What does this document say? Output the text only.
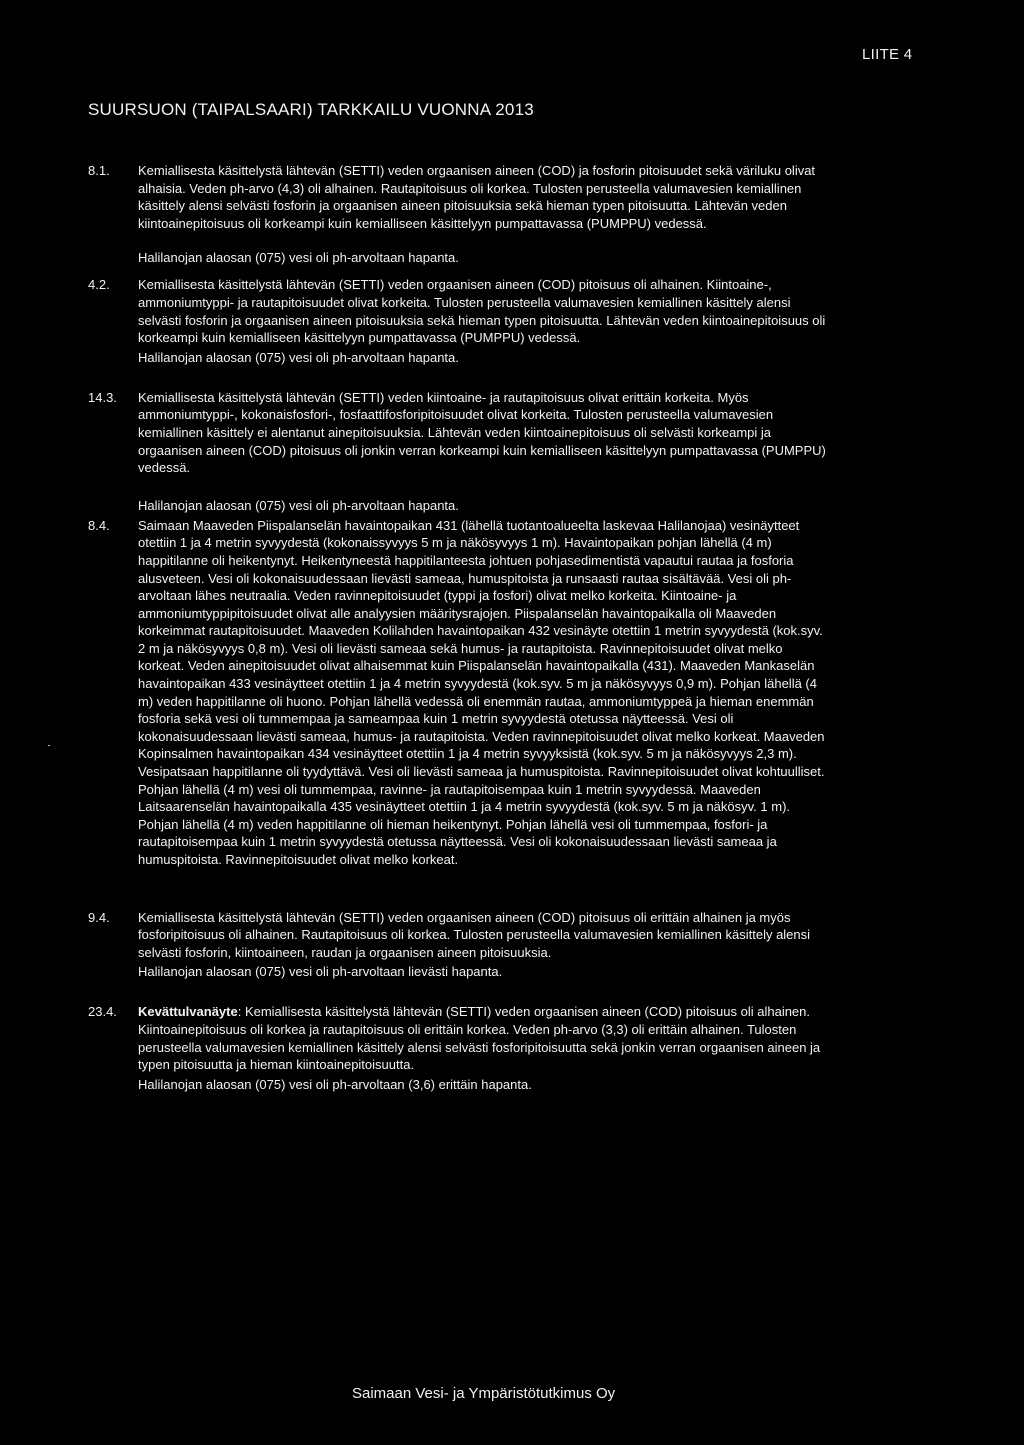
LIITE 4
SUURSUON (TAIPALSAARI) TARKKAILU VUONNA 2013
8.1.	Kemiallisesta käsittelystä lähtevän (SETTI) veden orgaanisen aineen (COD) ja fosforin pitoisuudet sekä väriluku olivat alhaisia. Veden ph-arvo (4,3) oli alhainen. Rautapitoisuus oli korkea. Tulosten perusteella valumavesien kemiallinen käsittely alensi selvästi fosforin ja orgaanisen aineen pitoisuuksia sekä hieman typen pitoisuutta. Lähtevän veden kiintoainepitoisuus oli korkeampi kuin kemialliseen käsittelyyn pumpattavassa (PUMPPU) vedessä.

Halilanojan alaosan (075) vesi oli ph-arvoltaan hapanta.

4.2.	Kemiallisesta käsittelystä lähtevän (SETTI) veden orgaanisen aineen (COD) pitoisuus oli alhainen. Kiintoaine-, ammoniumtyppi- ja rautapitoisuudet olivat korkeita. Tulosten perusteella valumavesien kemiallinen käsittely alensi selvästi fosforin ja orgaanisen aineen pitoisuuksia sekä hieman typen pitoisuutta. Lähtevän veden kiintoainepitoisuus oli korkeampi kuin kemialliseen käsittelyyn pumpattavassa (PUMPPU) vedessä.

Halilanojan alaosan (075) vesi oli ph-arvoltaan hapanta.

14.3.	Kemiallisesta käsittelystä lähtevän (SETTI) veden kiintoaine- ja rautapitoisuus olivat erittäin korkeita. Myös ammoniumtyppi-, kokonaisfosfori-, fosfaattifosforipitoisuudet olivat korkeita. Tulosten perusteella valumavesien kemiallinen käsittely ei alentanut ainepitoisuuksia. Lähtevän veden kiintoainepitoisuus oli selvästi korkeampi ja orgaanisen aineen (COD) pitoisuus oli jonkin verran korkeampi kuin kemialliseen käsittelyyn pumpattavassa (PUMPPU) vedessä.

Halilanojan alaosan (075) vesi oli ph-arvoltaan hapanta.

8.4.	Saimaan Maaveden Piispalanselän havaintopaikan 431 (lähellä tuotantoalueelta laskevaa Halilanojaa) vesinäytteet otettiin 1 ja 4 metrin syvyydestä (kokonaissyvyys 5 m ja näkösyvyys 1 m). Havaintopaikan pohjan lähellä (4 m) happitilanne oli heikentynyt. Heikentyneestä happitilanteesta johtuen pohjasedimentistä vapautui rautaa ja fosforia alusveteen. Vesi oli kokonaisuudessaan lievästi sameaa, humuspitoista ja runsaasti rautaa sisältävää. Vesi oli ph-arvoltaan lähes neutraalia. Veden ravinnepitoisuudet (typpi ja fosfori) olivat melko korkeita. Kiintoaine- ja ammoniumtyppipitoisuudet olivat alle analyysien määritysrajojen. Piispalanselän havaintopaikalla oli Maaveden korkeimmat rautapitoisuudet. Maaveden Kolilahden havaintopaikan 432 vesinäyte otettiin 1 metrin syvyydestä (kok.syv. 2 m ja näkösyvyys 0,8 m). Vesi oli lievästi sameaa sekä humus- ja rautapitoista. Ravinnepitoisuudet olivat melko korkeat. Veden ainepitoisuudet olivat alhaisemmat kuin Piispalanselän havaintopaikalla (431). Maaveden Mankaselän havaintopaikan 433 vesinäytteet otettiin 1 ja 4 metrin syvyydestä (kok.syv. 5 m ja näkösyvyys 0,9 m). Pohjan lähellä (4 m) veden happitilanne oli huono. Pohjan lähellä vedessä oli enemmän rautaa, ammoniumtyppeä ja hieman enemmän fosforia sekä vesi oli tummempaa ja sameampaa kuin 1 metrin syvyydestä otetussa näytteessä. Vesi oli kokonaisuudessaan lievästi sameaa, humus- ja rautapitoista. Veden ravinnepitoisuudet olivat melko korkeat. Maaveden Kopinsalmen havaintopaikan 434 vesinäytteet otettiin 1 ja 4 metrin syvyyksistä (kok.syv. 5 m ja näkösyvyys 2,3 m). Vesipatsaan happitilanne oli tyydyttävä. Vesi oli lievästi sameaa ja humuspitoista. Ravinnepitoisuudet olivat kohtuulliset. Pohjan lähellä (4 m) vesi oli tummempaa, ravinne- ja rautapitoisempaa kuin 1 metrin syvyydessä. Maaveden Laitsaarenselän havaintopaikalla 435 vesinäytteet otettiin 1 ja 4 metrin syvyydestä (kok.syv. 5 m ja näkösyv. 1 m). Pohjan lähellä (4 m) veden happitilanne oli hieman heikentynyt. Pohjan lähellä vesi oli tummempaa, fosfori- ja rautapitoisempaa kuin 1 metrin syvyydestä otetussa näytteessä. Vesi oli kokonaisuudessaan lievästi sameaa ja humuspitoista. Ravinnepitoisuudet olivat melko korkeat.

9.4.	Kemiallisesta käsittelystä lähtevän (SETTI) veden orgaanisen aineen (COD) pitoisuus oli erittäin alhainen ja myös fosforipitoisuus oli alhainen. Rautapitoisuus oli korkea. Tulosten perusteella valumavesien kemiallinen käsittely alensi selvästi fosforin, kiintoaineen, raudan ja orgaanisen aineen pitoisuuksia.

Halilanojan alaosan (075) vesi oli ph-arvoltaan lievästi hapanta.

23.4.	Kevättulvanäyte: Kemiallisesta käsittelystä lähtevän (SETTI) veden orgaanisen aineen (COD) pitoisuus oli alhainen. Kiintoainepitoisuus oli korkea ja rautapitoisuus oli erittäin korkea. Veden ph-arvo (3,3) oli erittäin alhainen. Tulosten perusteella valumavesien kemiallinen käsittely alensi selvästi fosforipitoisuutta sekä jonkin verran orgaanisen aineen ja typen pitoisuutta ja hieman kiintoainepitoisuutta.

Halilanojan alaosan (075) vesi oli ph-arvoltaan (3,6) erittäin hapanta.

Saimaan Vesi- ja Ympäristötutkimus Oy
